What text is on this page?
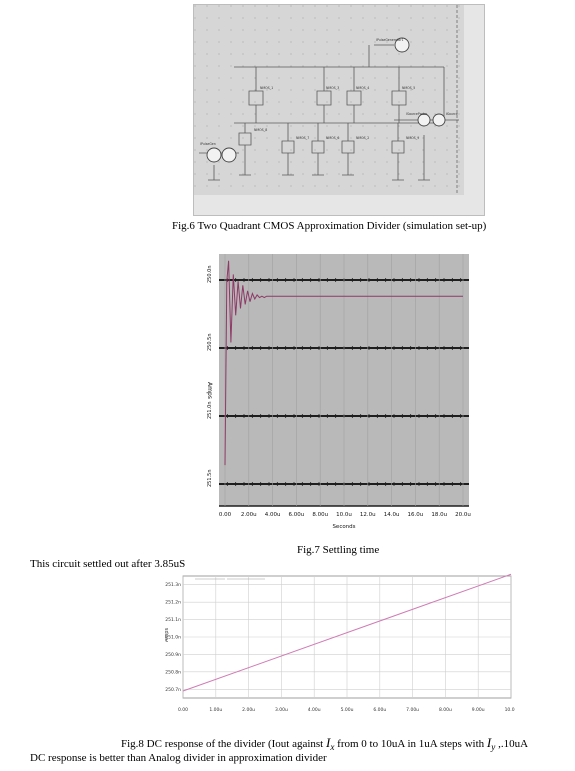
IPulseGenerator1
IPulseGen
ISourceProbe	ISource
NMOS_1	NMOS_3	NMOS_4	NMOS_5
NMOS_8
NMOS_7	NMOS_6	NMOS_2	NMOS_9
Fig.6 Two Quadrant CMOS Approximation Divider (simulation set-up)
250.0n
250.5n
251.0n
251.5n
0.00 2.00u 4.00u 6.00u 8.00u 10.0u 12.0u 14.0u 16.0u 18.0u 20.0u
Seconds
Amps
Fig.7 Settling time
This circuit settled out after 3.85uS
250.7n
250.8n
250.9n
251.0n
251.1n
251.2n
251.3n
0.00	1.00u	2.00u	3.00u	4.00u	5.00u	6.00u	7.00u	8.00u	9.00u	10.0
Amps
Fig.8 DC response of the divider (Iout against $I_x$ from 0 to 10uA in 1uA steps with $I_y$ ,.10uA
DC response is better than Analog divider in approximation divider
